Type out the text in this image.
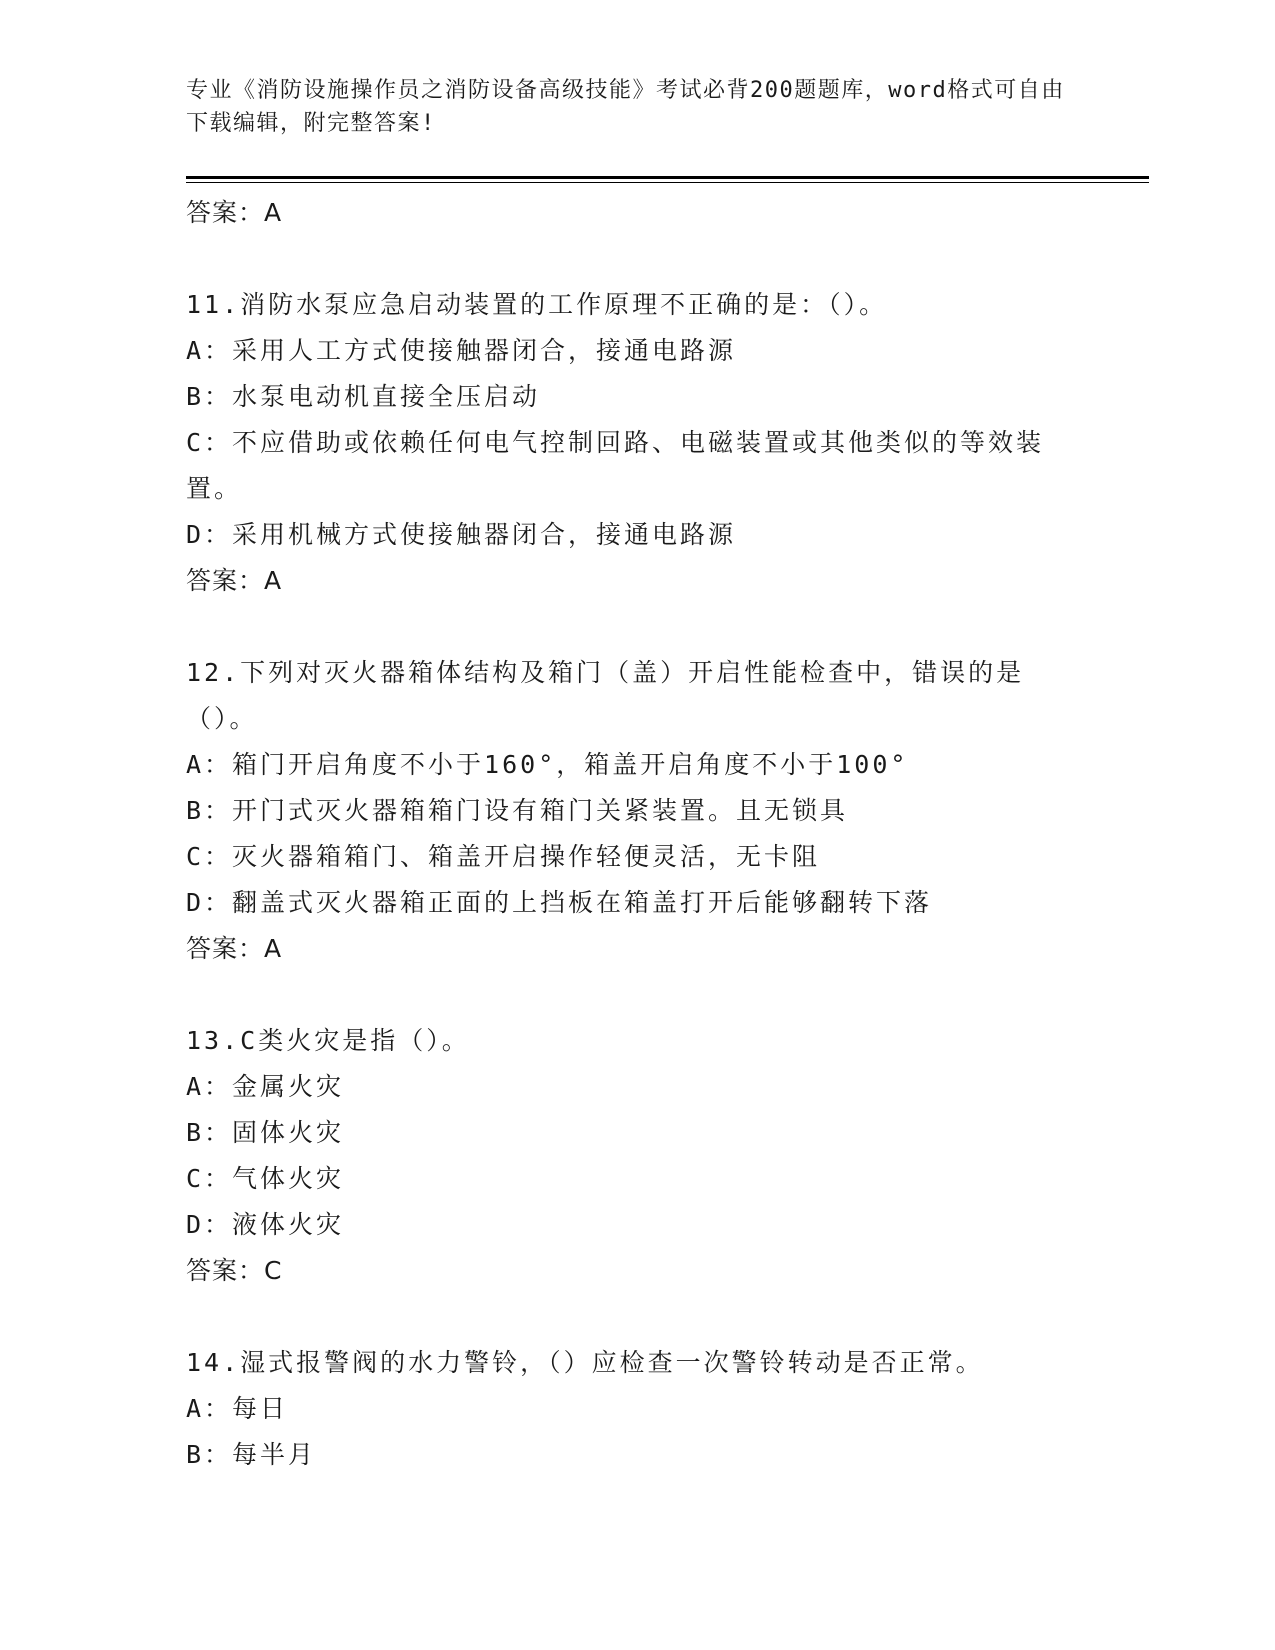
专业《消防设施操作员之消防设备高级技能》考试必背200题题库，word格式可自由下载编辑，附完整答案!

答案：A

11.消防水泵应急启动装置的工作原理不正确的是：（）。

A：采用人工方式使接触器闭合，接通电路源

B：水泵电动机直接全压启动

C：不应借助或依赖任何电气控制回路、电磁装置或其他类似的等效装置。

D：采用机械方式使接触器闭合，接通电路源

答案：A

12.下列对灭火器箱体结构及箱门（盖）开启性能检查中，错误的是（）。

A：箱门开启角度不小于160°，箱盖开启角度不小于100°

B：开门式灭火器箱箱门设有箱门关紧装置。且无锁具

C：灭火器箱箱门、箱盖开启操作轻便灵活，无卡阻

D：翻盖式灭火器箱正面的上挡板在箱盖打开后能够翻转下落

答案：A

13.C类火灾是指（）。

A：金属火灾

B：固体火灾

C：气体火灾

D：液体火灾

答案：C

14.湿式报警阀的水力警铃，（）应检查一次警铃转动是否正常。

A：每日

B：每半月
